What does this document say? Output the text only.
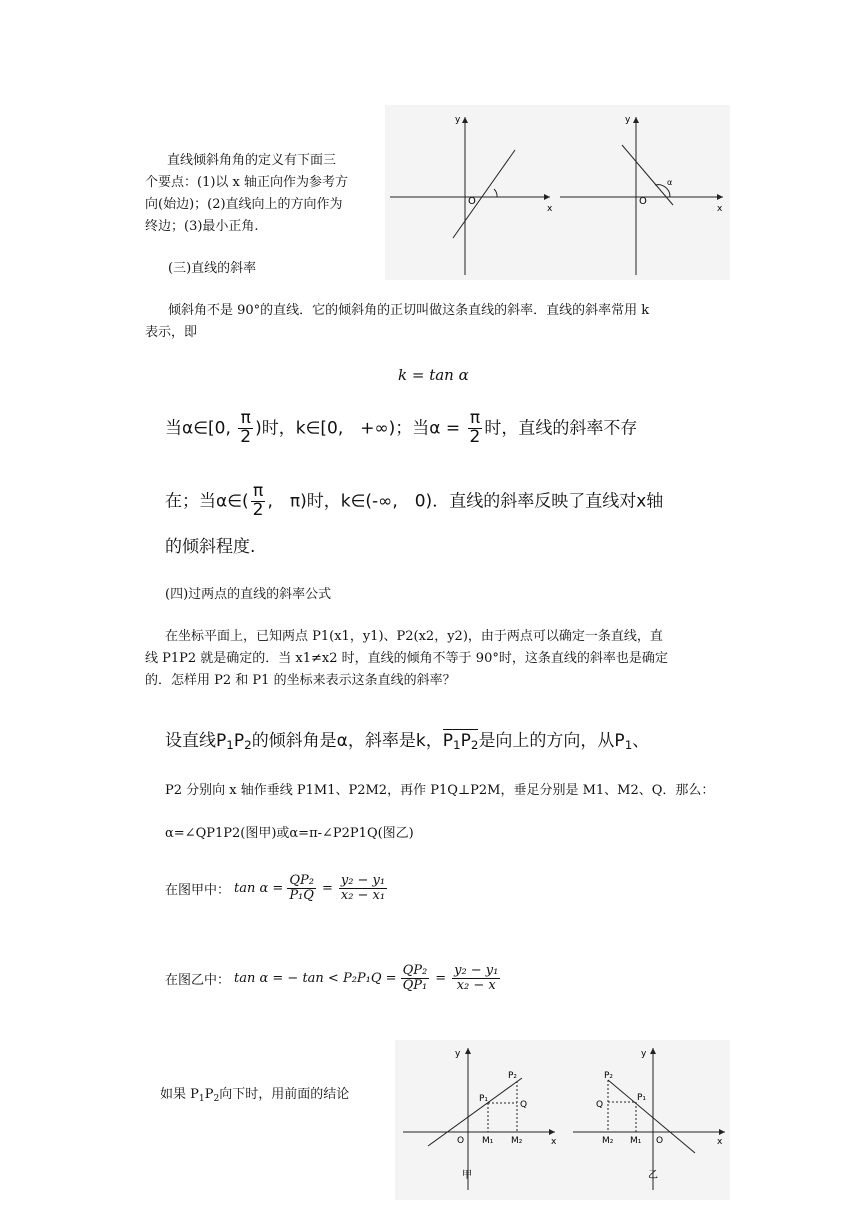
直线倾斜角角的定义有下面三
个要点：(1)以 x 轴正向作为参考方
向(始边)；(2)直线向上的方向作为
终边；(3)最小正角.
y
x
O
y
x
O
α
(三)直线的斜率
倾斜角不是 90°的直线．它的倾斜角的正切叫做这条直线的斜率．直线的斜率常用 k
表示，即
k = tan α
当α∈[0, $\frac{\pi}{2}$ )时，k∈[0,　+∞)；当$\alpha = \frac{\pi}{2}$ 时，直线的斜率不存
在；当α∈( $\frac{\pi}{2}$ ,　π)时，k∈(-∞,　0)．直线的斜率反映了直线对x轴
的倾斜程度.
(四)过两点的直线的斜率公式
在坐标平面上，已知两点 P1(x1，y1)、P2(x2，y2)，由于两点可以确定一条直线，直
线 P1P2 就是确定的．当 x1≠x2 时，直线的倾角不等于 90°时，这条直线的斜率也是确定
的．怎样用 P2 和 P1 的坐标来表示这条直线的斜率？
设直线$P_1P_2$的倾斜角是α，斜率是k，$P_1P_2$是向上的方向，从$P_1$、
P2 分别向 x 轴作垂线 P1M1、P2M2，再作 P1Q⊥P2M，垂足分别是 M1、M2、Q．那么：
α=∠QP1P2(图甲)或α=π-∠P2P1Q(图乙)
在图甲中： $\tan \alpha = \frac{\text{QP₂}}{\text{P₁Q}} = \frac{\text{y₂ − y₁}}{\text{x₂ − x₁}}$
在图乙中： tan α = − $\tan < P_2P_1Q = \frac{\text{QP₂}}{\text{QP₁}} = \frac{\text{y₂ − y₁}}{\text{x₂ − x}}$
如果 $P_1P_2$向下时，用前面的结论
y
x
O
P₁
P₂
Q
M₁ M₂
甲
y
x
O
P₁
P₂
Q
M₁
M₂
乙
